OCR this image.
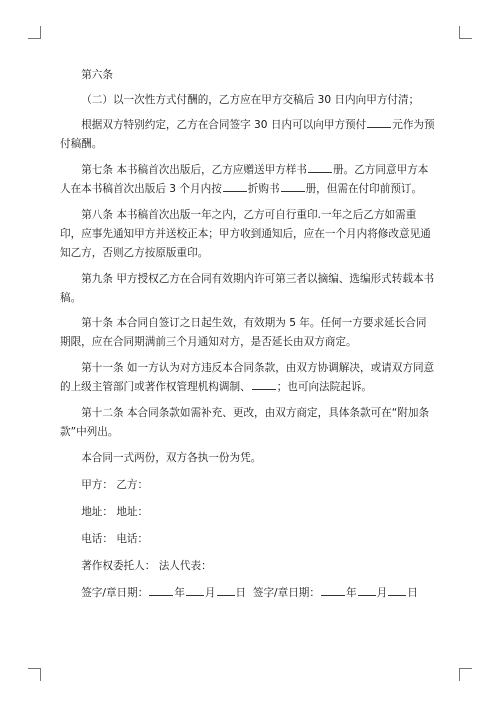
第六条

（二）以一次性方式付酬的，乙方应在甲方交稿后 30 日内向甲方付清；

根据双方特别约定，乙方在合同签字 30 日内可以向甲方预付 元作为预付稿酬。

第七条 本书稿首次出版后，乙方应赠送甲方样书 册。乙方同意甲方本人在本书稿首次出版后 3 个月内按 折购书 册，但需在付印前预订。

第八条 本书稿首次出版一年之内，乙方可自行重印.一年之后乙方如需重印，应事先通知甲方并送校正本；甲方收到通知后，应在一个月内将修改意见通知乙方，否则乙方按原版重印。

第九条 甲方授权乙方在合同有效期内许可第三者以摘编、选编形式转载本书稿。

第十条 本合同自签订之日起生效，有效期为 5 年。任何一方要求延长合同期限，应在合同期满前三个月通知对方，是否延长由双方商定。

第十一条 如一方认为对方违反本合同条款，由双方协调解决，或请双方同意的上级主管部门或著作权管理机构调制、 ；也可向法院起诉。

第十二条 本合同条款如需补充、更改，由双方商定，具体条款可在“附加条款”中列出。

本合同一式两份，双方各执一份为凭。

甲方： 乙方：

地址： 地址：

电话： 电话：

著作权委托人： 法人代表：

签字/章日期： 年 月 日 签字/章日期： 年 月 日
